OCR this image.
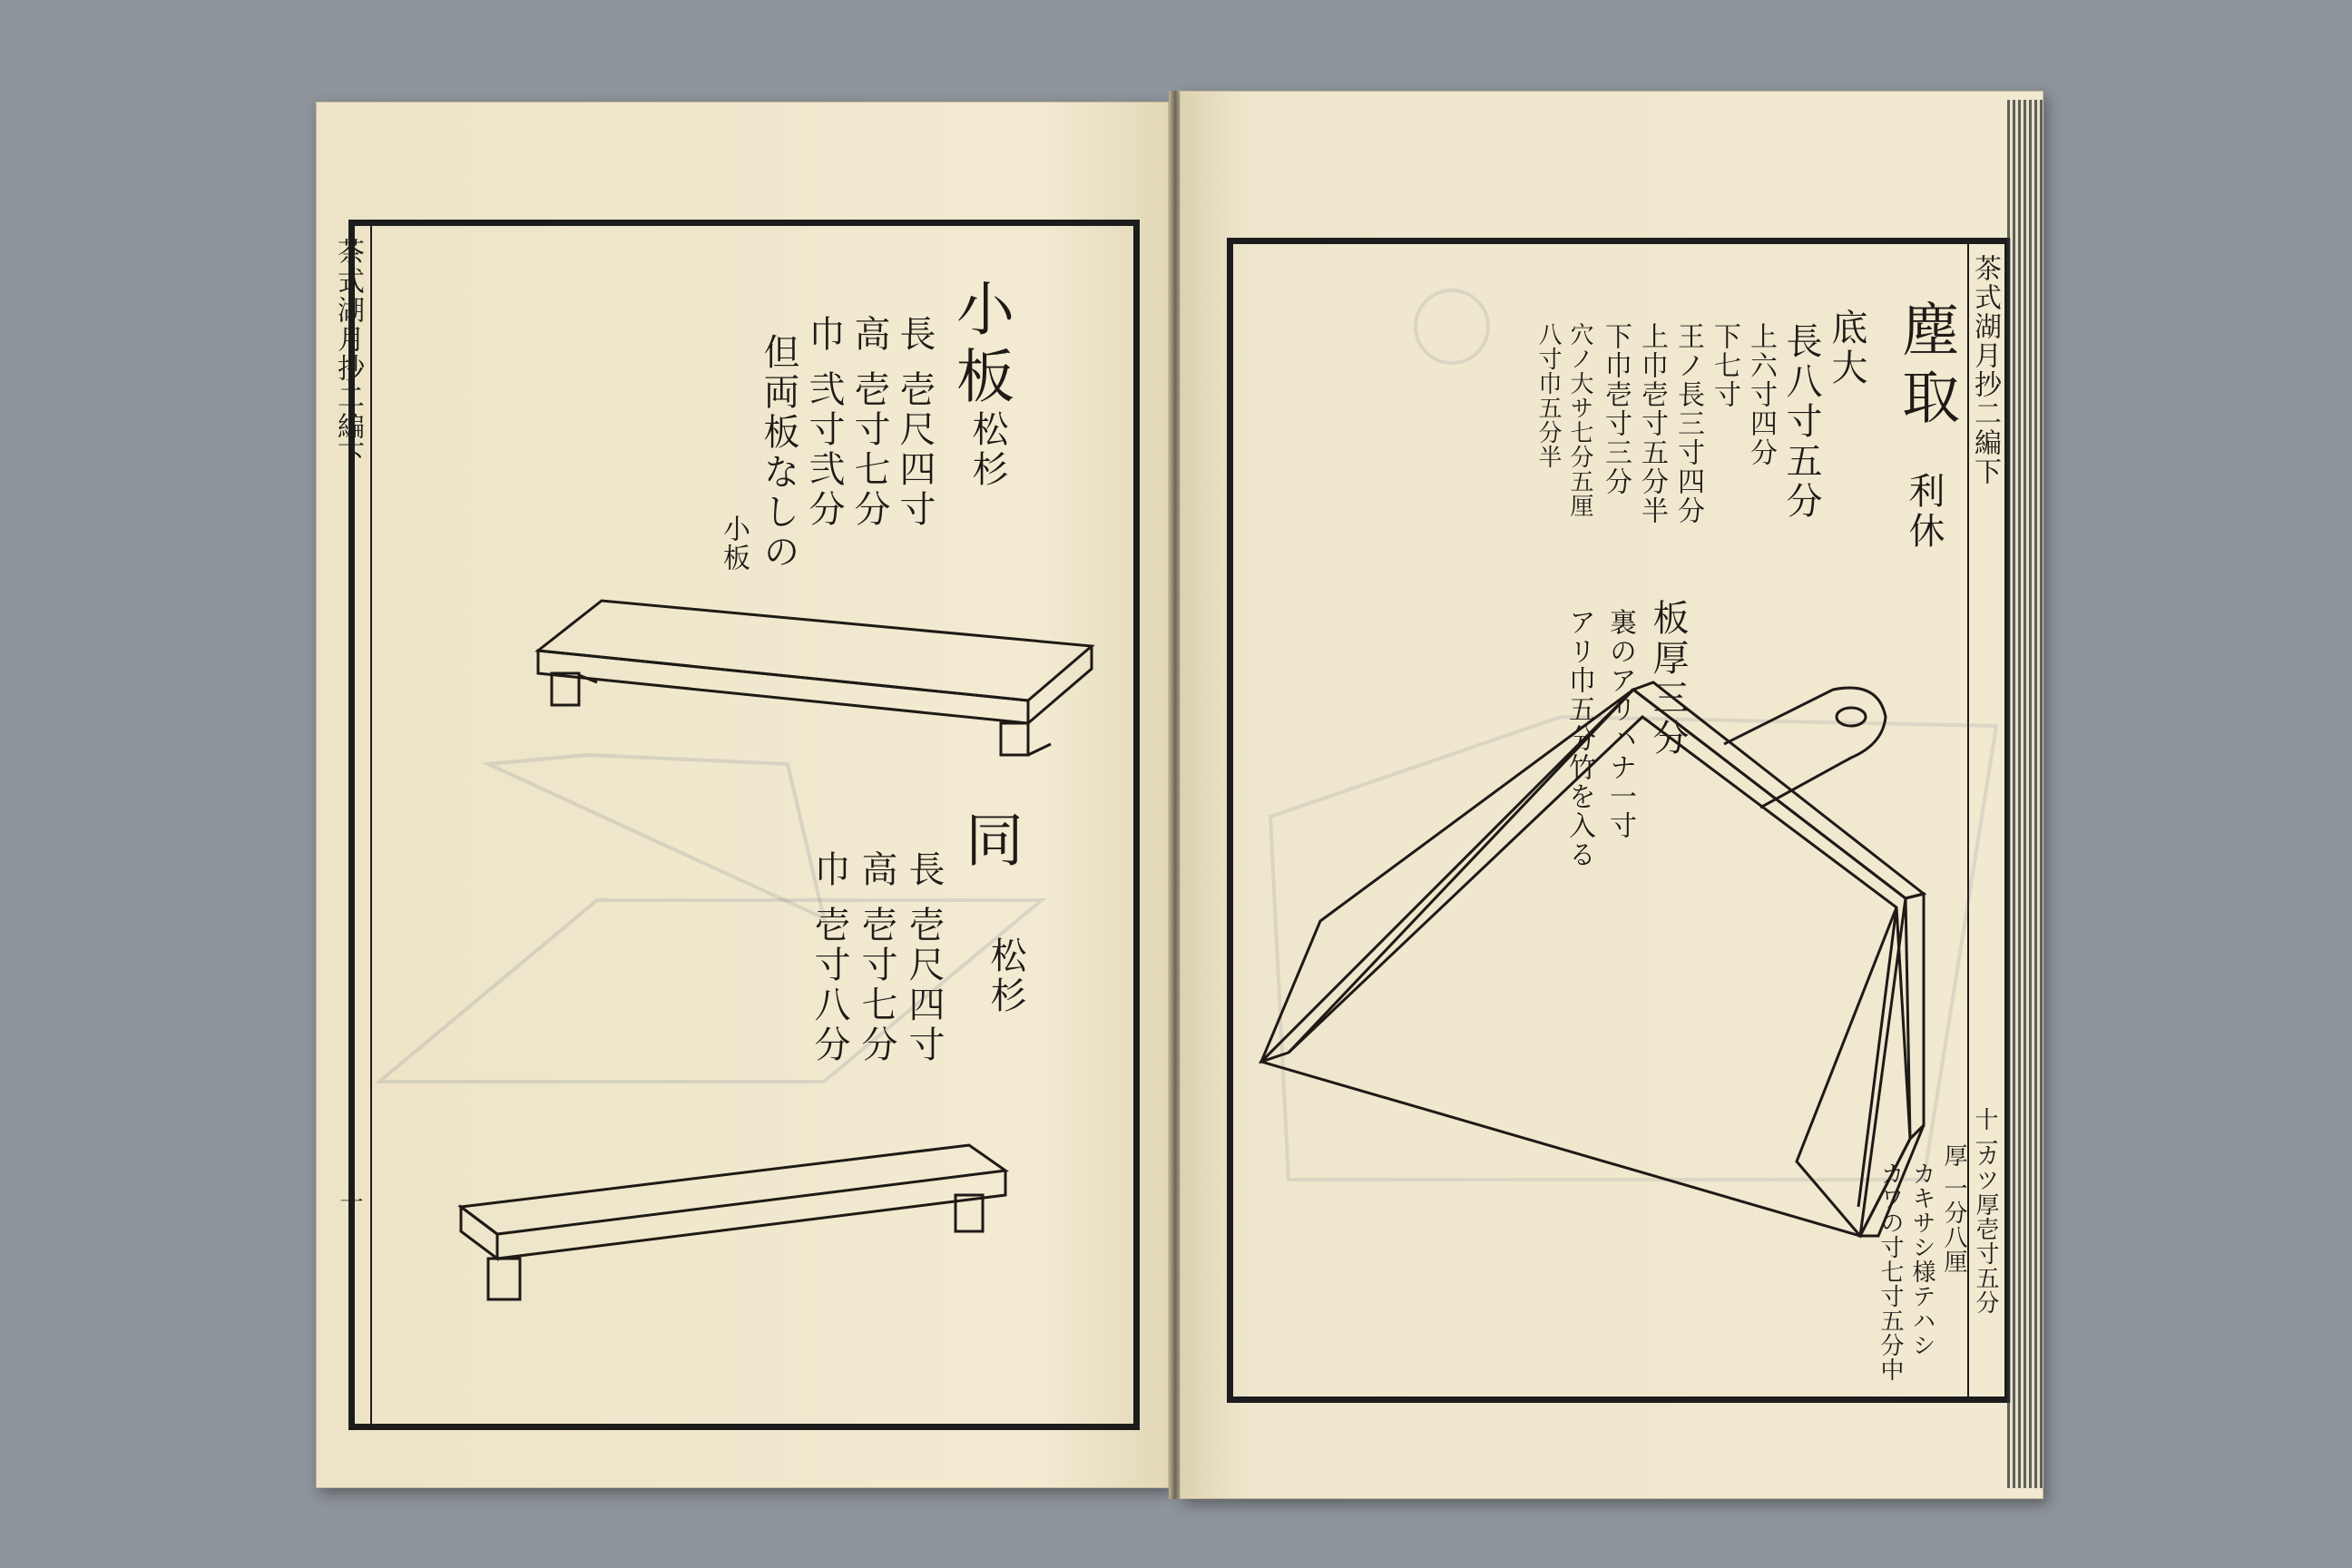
茶式湖月抄二編下
十
小板
松杉
長 壱尺四寸
高 壱寸七分
巾 弐寸弐分
但両板なしの
小板
同
松杉
長 壱尺四寸
高 壱寸七分
巾 壱寸八分
茶式湖月抄二編下
十一
塵取
利休
底大
長八寸五分
上六寸四分
下七寸
王ノ長三寸四分
上巾壱寸五分半
下巾壱寸三分
穴ノ大サ七分五厘
八寸巾五分半
板厚三分
裏のアリハナ一寸
アリ巾五分竹を入る
カツ厚壱寸五分
厚 一分八厘
カキサシ様テハシ
カワの寸七寸五分中
